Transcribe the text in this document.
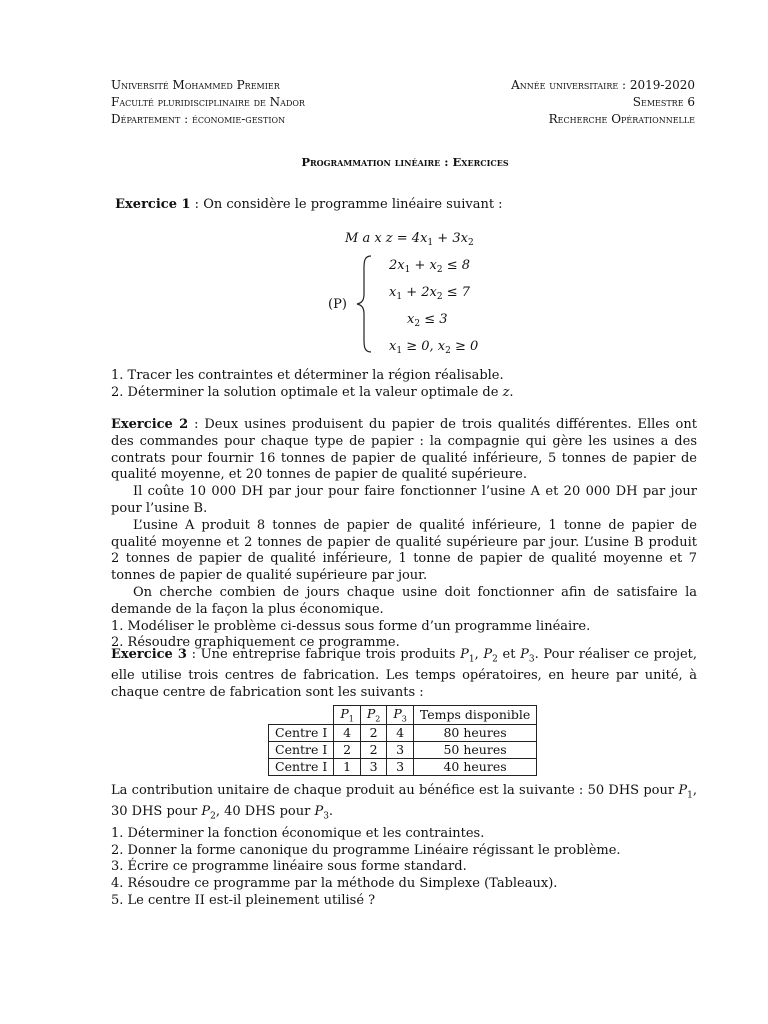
Université Mohammed Premier
Faculté pluridisciplinaire de Nador
Département : économie-gestion
Année universitaire : 2019-2020
Semestre 6
Recherche Opérationnelle
Programmation linéaire : Exercices

Exercice 1 : On considère le programme linéaire suivant :

M a x $z = 4x_1 + 3x_2$
(P)
$2x_1 + x_2 \le 8$
$x_1 + 2x_2 \le 7$
$x_2 \le 3$
$x_1 \ge 0$, $x_2 \ge 0$

1. Tracer les contraintes et déterminer la région réalisable.

2. Déterminer la solution optimale et la valeur optimale de z.

Exercice 2 : Deux usines produisent du papier de trois qualités différentes. Elles ont des commandes pour chaque type de papier : la compagnie qui gère les usines a des contrats pour fournir 16 tonnes de papier de qualité inférieure, 5 tonnes de papier de qualité moyenne, et 20 tonnes de papier de qualité supérieure.

Il coûte 10 000 DH par jour pour faire fonctionner l’usine A et 20 000 DH par jour pour l’usine B.

L’usine A produit 8 tonnes de papier de qualité inférieure, 1 tonne de papier de qualité moyenne et 2 tonnes de papier de qualité supérieure par jour. L’usine B produit 2 tonnes de papier de qualité inférieure, 1 tonne de papier de qualité moyenne et 7 tonnes de papier de qualité supérieure par jour.

On cherche combien de jours chaque usine doit fonctionner afin de satisfaire la demande de la façon la plus économique.

1. Modéliser le problème ci-dessus sous forme d’un programme linéaire.

2. Résoudre graphiquement ce programme.

Exercice 3 : Une entreprise fabrique trois produits $P_1$, $P_2$ et $P_3$. Pour réaliser ce projet, elle utilise trois centres de fabrication. Les temps opératoires, en heure par unité, à chaque centre de fabrication sont les suivants :

	$P_1$	$P_2$	$P_3$	Temps disponible
Centre I	4	2	4	80 heures
Centre I	2	2	3	50 heures
Centre I	1	3	3	40 heures

La contribution unitaire de chaque produit au bénéfice est la suivante : 50 DHS pour $P_1$, 30 DHS pour $P_2$, 40 DHS pour $P_3$.

1. Déterminer la fonction économique et les contraintes.

2. Donner la forme canonique du programme Linéaire régissant le problème.

3. Écrire ce programme linéaire sous forme standard.

4. Résoudre ce programme par la méthode du Simplexe (Tableaux).

5. Le centre II est-il pleinement utilisé ?
